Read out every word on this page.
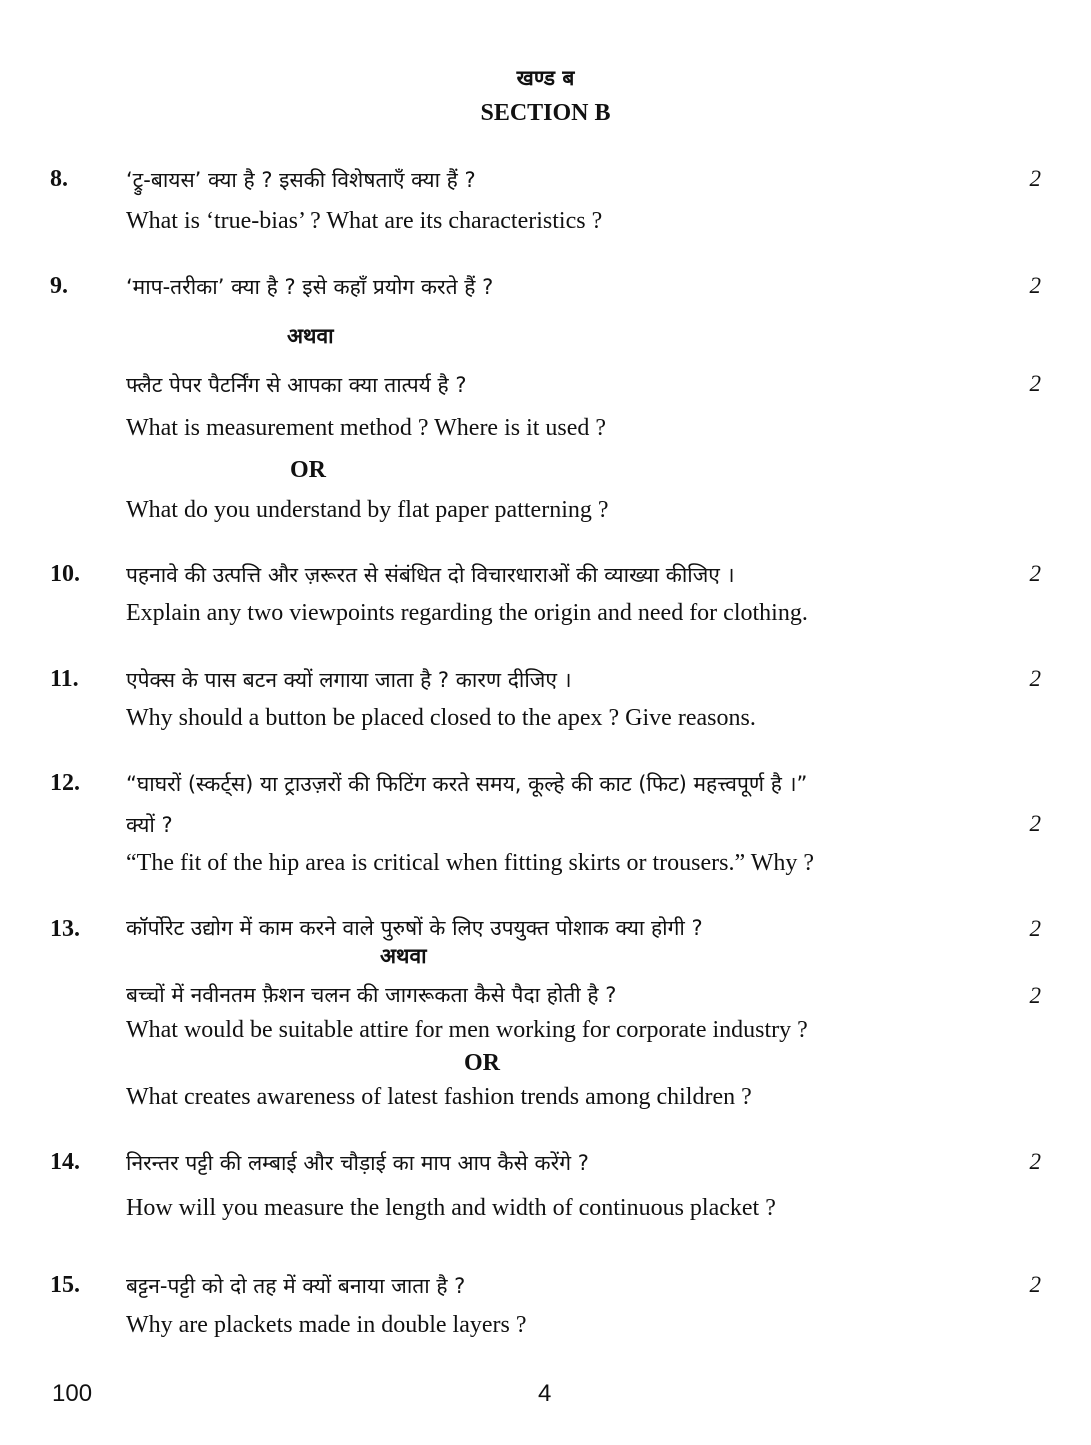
खण्ड ब
SECTION B
8.	‘ट्रु-बायस’ क्या है ? इसकी विशेषताएँ क्या हैं ?	2
What is ‘true-bias’ ? What are its characteristics ?
9.	‘माप-तरीका’ क्या है ? इसे कहाँ प्रयोग करते हैं ?	2
अथवा
फ्लैट पेपर पैटर्निंग से आपका क्या तात्पर्य है ?	2
What is measurement method ? Where is it used ?
OR
What do you understand by flat paper patterning ?
10. पहनावे की उत्पत्ति और ज़रूरत से संबंधित दो विचारधाराओं की व्याख्या कीजिए ।	2
Explain any two viewpoints regarding the origin and need for clothing.
11. एपेक्स के पास बटन क्यों लगाया जाता है ? कारण दीजिए ।	2
Why should a button be placed closed to the apex ? Give reasons.
12. “घाघरों (स्कर्ट्स) या ट्राउज़रों की फिटिंग करते समय, कूल्हे की काट (फिट) महत्त्वपूर्ण है ।”
क्यों ?	2
“The fit of the hip area is critical when fitting skirts or trousers.” Why ?
13. कॉर्पोरेट उद्योग में काम करने वाले पुरुषों के लिए उपयुक्त पोशाक क्या होगी ?	2
अथवा
बच्चों में नवीनतम फ़ैशन चलन की जागरूकता कैसे पैदा होती है ?	2
What would be suitable attire for men working for corporate industry ?
OR
What creates awareness of latest fashion trends among children ?
14. निरन्तर पट्टी की लम्बाई और चौड़ाई का माप आप कैसे करेंगे ?	2
How will you measure the length and width of continuous placket ?
15. बट्टन-पट्टी को दो तह में क्यों बनाया जाता है ?	2
Why are plackets made in double layers ?
100	4
